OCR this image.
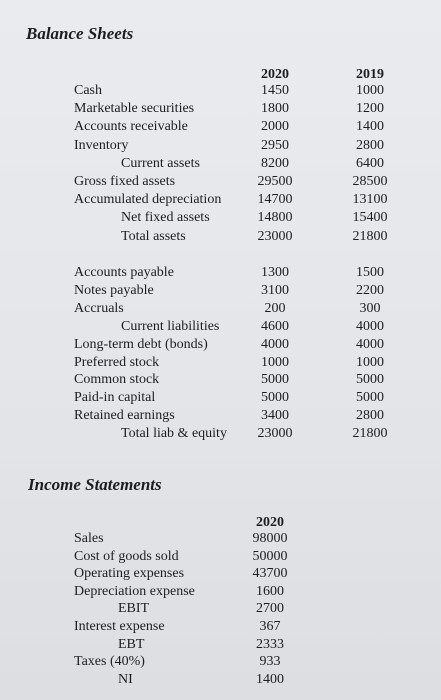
Balance Sheets
2020	2019
Cash	1450	1000
Marketable securities	1800	1200
Accounts receivable	2000	1400
Inventory	2950	2800
Current assets	8200	6400
Gross fixed assets	29500	28500
Accumulated depreciation	14700	13100
Net fixed assets	14800	15400
Total assets	23000	21800
Accounts payable	1300	1500
Notes payable	3100	2200
Accruals	200	300
Current liabilities	4600	4000
Long-term debt (bonds)	4000	4000
Preferred stock	1000	1000
Common stock	5000	5000
Paid-in capital	5000	5000
Retained earnings	3400	2800
Total liab & equity	23000	21800
Income Statements
2020
Sales	98000
Cost of goods sold	50000
Operating expenses	43700
Depreciation expense	1600
EBIT	2700
Interest expense	367
EBT	2333
Taxes (40%)	933
NI	1400
